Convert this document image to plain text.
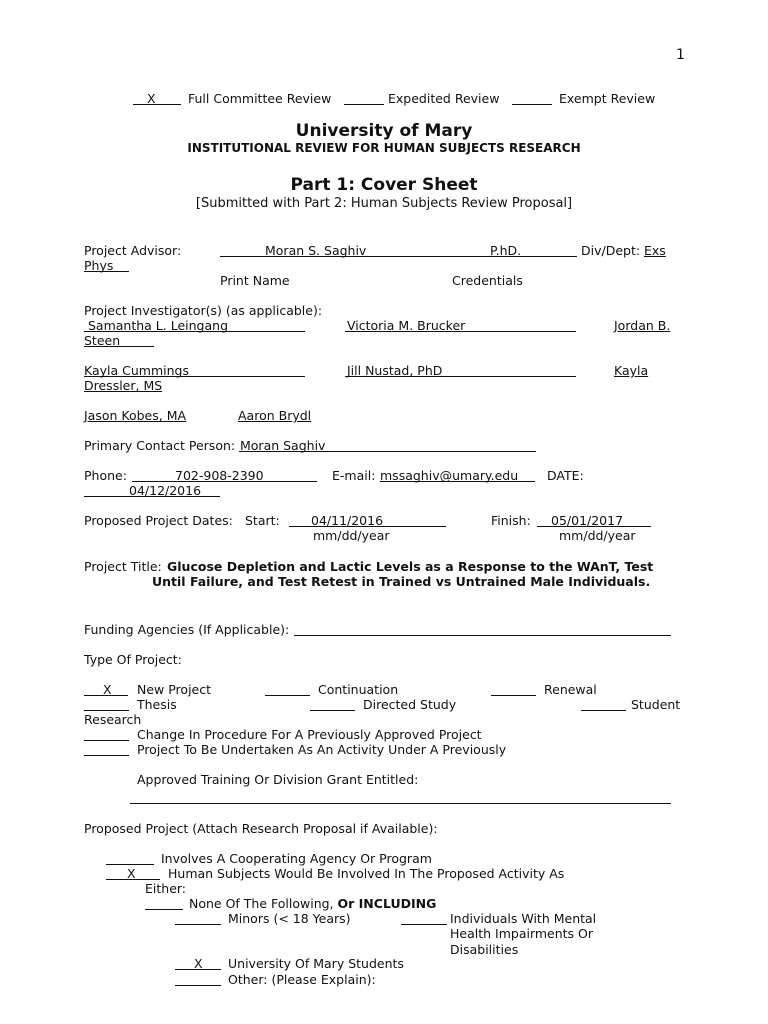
1
X	Full Committee Review	Expedited Review	Exempt Review
University of Mary
INSTITUTIONAL REVIEW FOR HUMAN SUBJECTS RESEARCH
Part 1: Cover Sheet
[Submitted with Part 2: Human Subjects Review Proposal]
Project Advisor:	Moran S. Saghiv	P.hD.	Div/Dept: Exs
Phys
Print Name	Credentials
Project Investigator(s) (as applicable):
Samantha L. Leingang	Victoria M. Brucker	Jordan B.
Steen
Kayla Cummings	Jill Nustad, PhD	Kayla
Dressler, MS
Jason Kobes, MA	Aaron Brydl
Primary Contact Person: Moran Saghiv
Phone:	702-908-2390	E-mail: mssaghiv@umary.edu DATE:
04/12/2016
Proposed Project Dates: Start:	04/11/2016	Finish: 05/01/2017
mm/dd/year	mm/dd/year
Project Title: Glucose Depletion and Lactic Levels as a Response to the WAnT, Test
Until Failure, and Test Retest in Trained vs Untrained Male Individuals.
Funding Agencies (If Applicable):
Type Of Project:
X New Project	Continuation	Renewal
Thesis	Directed Study	Student
Research
Change In Procedure For A Previously Approved Project
Project To Be Undertaken As An Activity Under A Previously
Approved Training Or Division Grant Entitled:
Proposed Project (Attach Research Proposal if Available):
Involves A Cooperating Agency Or Program
X	Human Subjects Would Be Involved In The Proposed Activity As
Either:
None Of The Following, Or INCLUDING
Minors (< 18 Years)	Individuals With Mental
Health Impairments Or
Disabilities
X University Of Mary Students
Other: (Please Explain):
